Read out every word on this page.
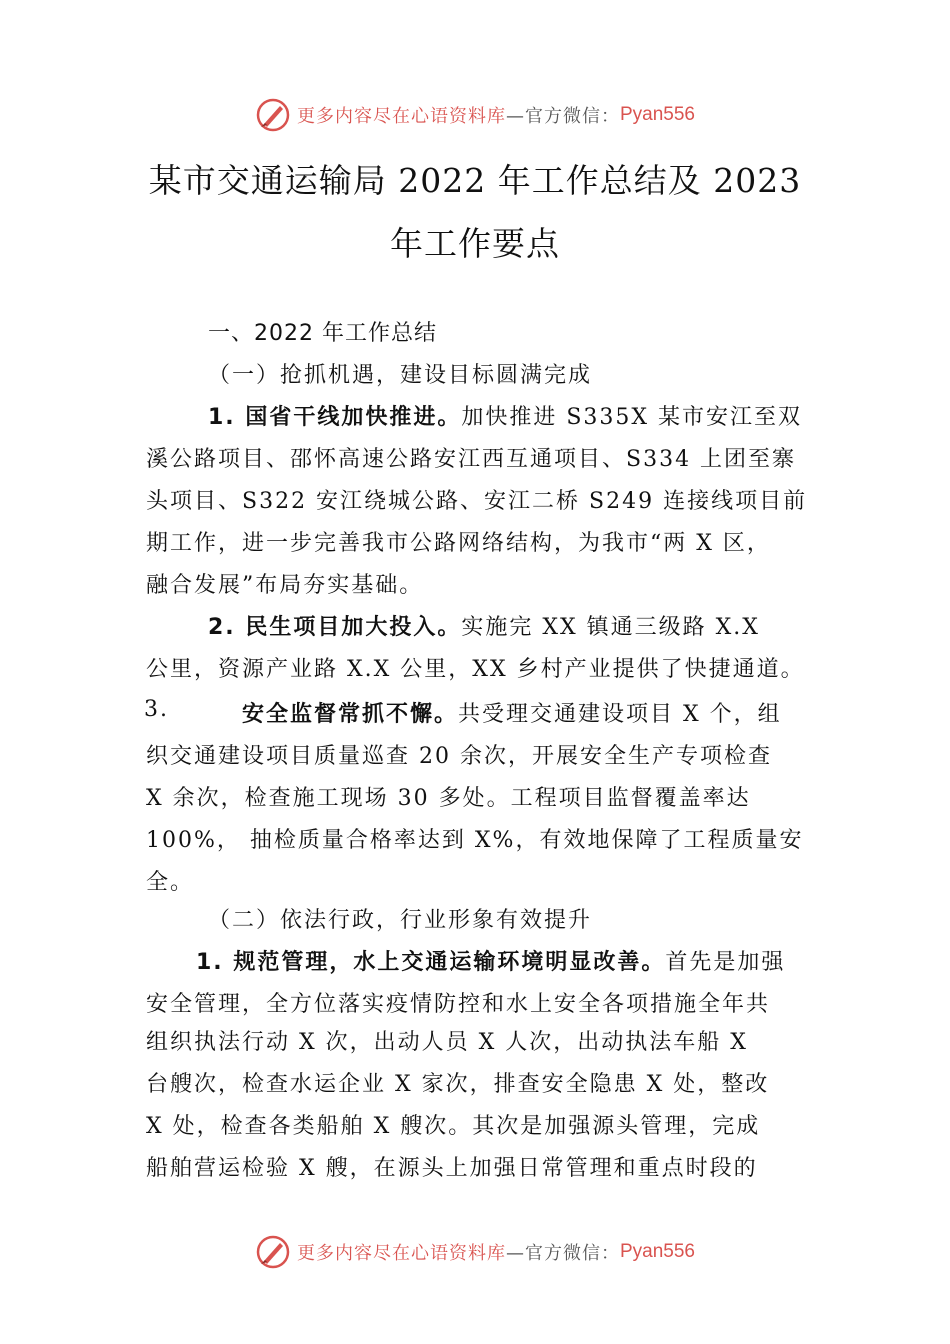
更多内容尽在心语资料库 —官方微信： Pyan556
某市交通运输局 2022 年工作总结及 2023
年工作要点
一、2022 年工作总结
（一）抢抓机遇，建设目标圆满完成
1. 国省干线加快推进。加快推进 S335X 某市安江至双
溪公路项目、邵怀高速公路安江西互通项目、S334 上团至寨
头项目、S322 安江绕城公路、安江二桥 S249 连接线项目前
期工作，进一步完善我市公路网络结构，为我市“两 X 区，
融合发展”布局夯实基础。
2. 民生项目加大投入。实施完 XX 镇通三级路 X.X
公里，资源产业路 X.X 公里，XX 乡村产业提供了快捷通道。
3.	安全监督常抓不懈。共受理交通建设项目 X 个，组
织交通建设项目质量巡查 20 余次，开展安全生产专项检查
X 余次，检查施工现场 30 多处。工程项目监督覆盖率达
100%， 抽检质量合格率达到 X%，有效地保障了工程质量安
全。
（二）依法行政，行业形象有效提升
1. 规范管理，水上交通运输环境明显改善。首先是加强
安全管理，全方位落实疫情防控和水上安全各项措施全年共
组织执法行动 X 次，出动人员 X 人次，出动执法车船 X
台艘次，检查水运企业 X 家次，排查安全隐患 X 处，整改
X 处，检查各类船舶 X 艘次。其次是加强源头管理，完成
船舶营运检验 X 艘，在源头上加强日常管理和重点时段的
更多内容尽在心语资料库 —官方微信： Pyan556
